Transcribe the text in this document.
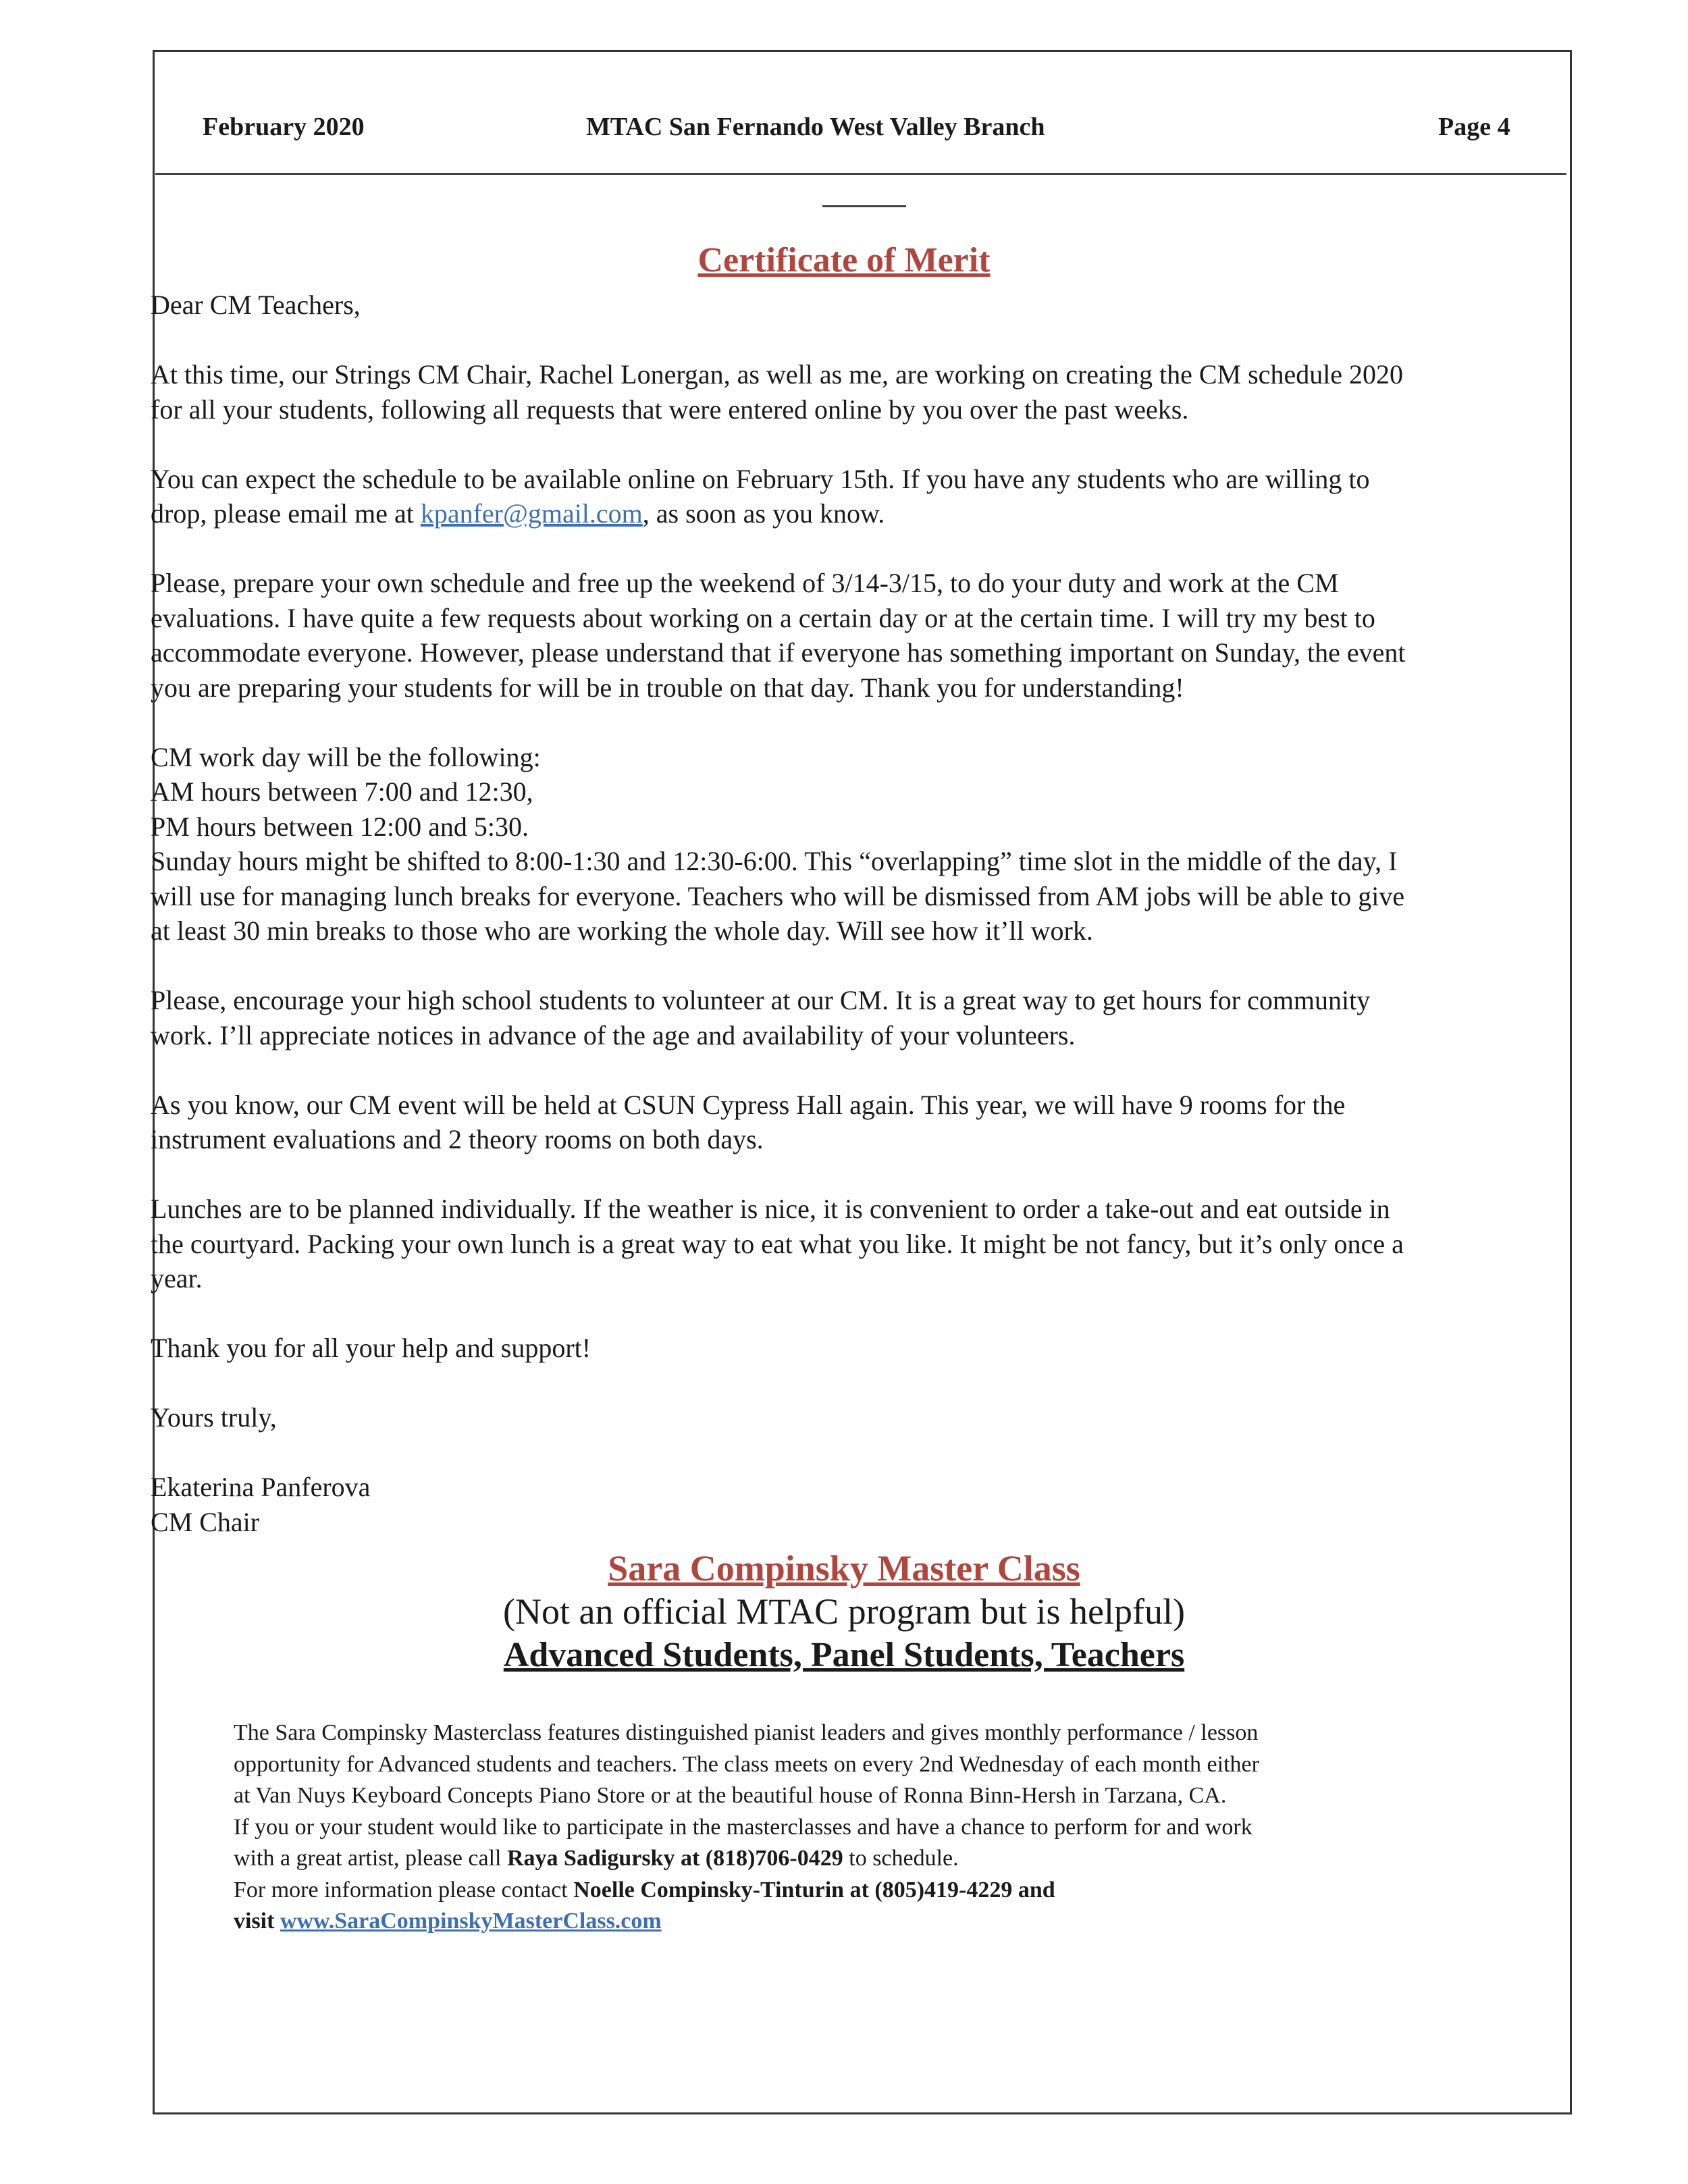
February 2020	MTAC San Fernando West Valley Branch	Page 4
Certificate of Merit

Dear CM Teachers,

At this time, our Strings CM Chair, Rachel Lonergan, as well as me, are working on creating the CM schedule 2020
for all your students, following all requests that were entered online by you over the past weeks.

You can expect the schedule to be available online on February 15th. If you have any students who are willing to
drop, please email me at kpanfer@gmail.com, as soon as you know.

Please, prepare your own schedule and free up the weekend of 3/14-3/15, to do your duty and work at the CM
evaluations. I have quite a few requests about working on a certain day or at the certain time. I will try my best to
accommodate everyone. However, please understand that if everyone has something important on Sunday, the event
you are preparing your students for will be in trouble on that day. Thank you for understanding!

CM work day will be the following:
AM hours between 7:00 and 12:30,
PM hours between 12:00 and 5:30.
Sunday hours might be shifted to 8:00-1:30 and 12:30-6:00. This “overlapping” time slot in the middle of the day, I
will use for managing lunch breaks for everyone. Teachers who will be dismissed from AM jobs will be able to give
at least 30 min breaks to those who are working the whole day. Will see how it’ll work.

Please, encourage your high school students to volunteer at our CM. It is a great way to get hours for community
work. I’ll appreciate notices in advance of the age and availability of your volunteers.

As you know, our CM event will be held at CSUN Cypress Hall again. This year, we will have 9 rooms for the
instrument evaluations and 2 theory rooms on both days.

Lunches are to be planned individually. If the weather is nice, it is convenient to order a take-out and eat outside in
the courtyard. Packing your own lunch is a great way to eat what you like. It might be not fancy, but it’s only once a
year.

Thank you for all your help and support!

Yours truly,

Ekaterina Panferova

CM Chair

Sara Compinsky Master Class
(Not an official MTAC program but is helpful)
Advanced Students, Panel Students, Teachers
The Sara Compinsky Masterclass features distinguished pianist leaders and gives monthly performance / lesson
opportunity for Advanced students and teachers. The class meets on every 2nd Wednesday of each month either
at Van Nuys Keyboard Concepts Piano Store or at the beautiful house of Ronna Binn-Hersh in Tarzana, CA.
If you or your student would like to participate in the masterclasses and have a chance to perform for and work
with a great artist, please call Raya Sadigursky at (818)706-0429 to schedule.
For more information please contact Noelle Compinsky-Tinturin at (805)419-4229 and
visit www.SaraCompinskyMasterClass.com
